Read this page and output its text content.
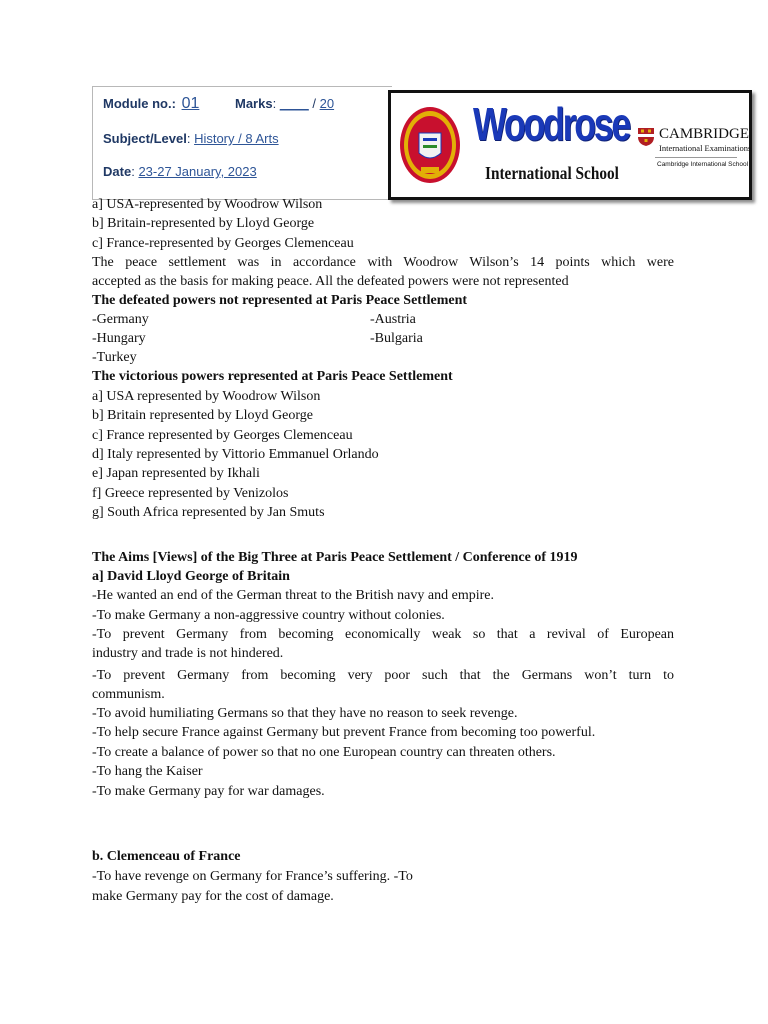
Module no.: 01	Marks: ____ / 20
Subject/Level: History / 8 Arts
Date: 23-27 January, 2023
Woodrose
International School
CAMBRIDGE
International Examinations
Cambridge International School
a] USA-represented by Woodrow Wilson
b] Britain-represented by Lloyd George
c] France-represented by Georges Clemenceau
The peace settlement was in accordance with Woodrow Wilson’s 14 points which were
accepted as the basis for making peace. All the defeated powers were not represented
The defeated powers not represented at Paris Peace Settlement
-Germany	-Austria
-Hungary	-Bulgaria
-Turkey
The victorious powers represented at Paris Peace Settlement
a] USA represented by Woodrow Wilson
b] Britain represented by Lloyd George
c] France represented by Georges Clemenceau
d] Italy represented by Vittorio Emmanuel Orlando
e] Japan represented by Ikhali
f] Greece represented by Venizolos
g] South Africa represented by Jan Smuts
The Aims [Views] of the Big Three at Paris Peace Settlement / Conference of 1919
a] David Lloyd George of Britain
-He wanted an end of the German threat to the British navy and empire.
-To make Germany a non-aggressive country without colonies.
-To prevent Germany from becoming economically weak so that a revival of European
industry and trade is not hindered.
-To prevent Germany from becoming very poor such that the Germans won’t turn to
communism.
-To avoid humiliating Germans so that they have no reason to seek revenge.
-To help secure France against Germany but prevent France from becoming too powerful.
-To create a balance of power so that no one European country can threaten others.
-To hang the Kaiser
-To make Germany pay for war damages.
b. Clemenceau of France
-To have revenge on Germany for France’s suffering. -To
make Germany pay for the cost of damage.
